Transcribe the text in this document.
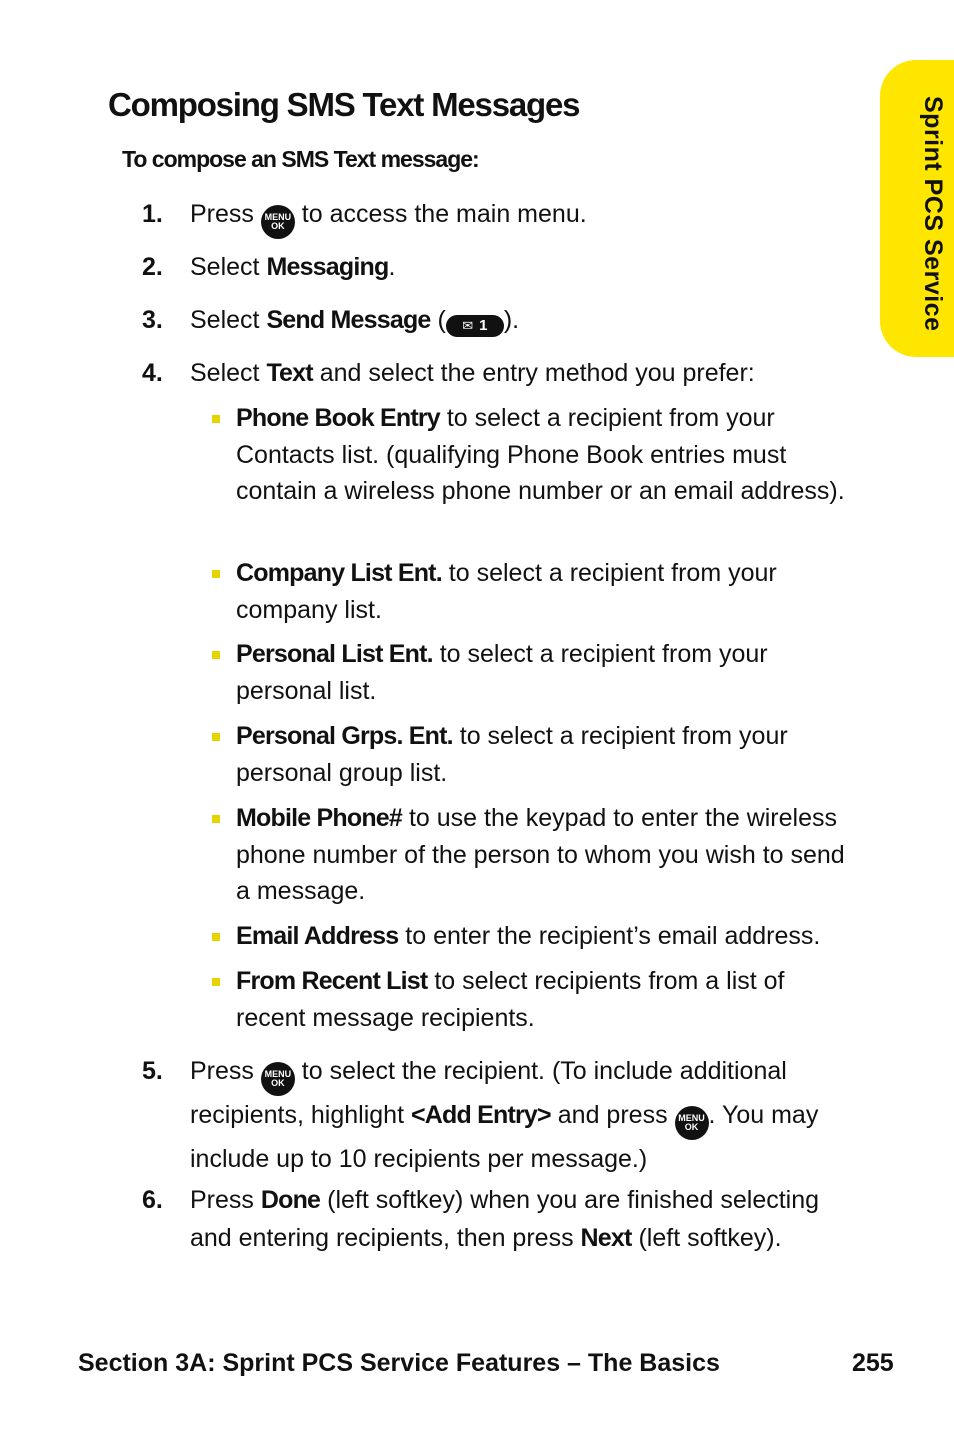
Sprint PCS Service
Composing SMS Text Messages
To compose an SMS Text message:
1. Press MENU
OK to access the main menu.
2. Select Messaging.
3. Select Send Message ( ✉ 1 ).
4. Select Text and select the entry method you prefer:
Phone Book Entry to select a recipient from your Contacts list. (qualifying Phone Book entries must contain a wireless phone number or an email address).
Company List Ent. to select a recipient from your company list.
Personal List Ent. to select a recipient from your personal list.
Personal Grps. Ent. to select a recipient from your personal group list.
Mobile Phone# to use the keypad to enter the wireless phone number of the person to whom you wish to send a message.
Email Address to enter the recipient’s email address.
From Recent List to select recipients from a list of recent message recipients.
5. Press MENU
OK to select the recipient. (To include additional recipients, highlight <Add Entry> and press MENU
OK . You may include up to 10 recipients per message.)
6. Press Done (left softkey) when you are finished selecting and entering recipients, then press Next (left softkey).
Section 3A: Sprint PCS Service Features – The Basics	255
